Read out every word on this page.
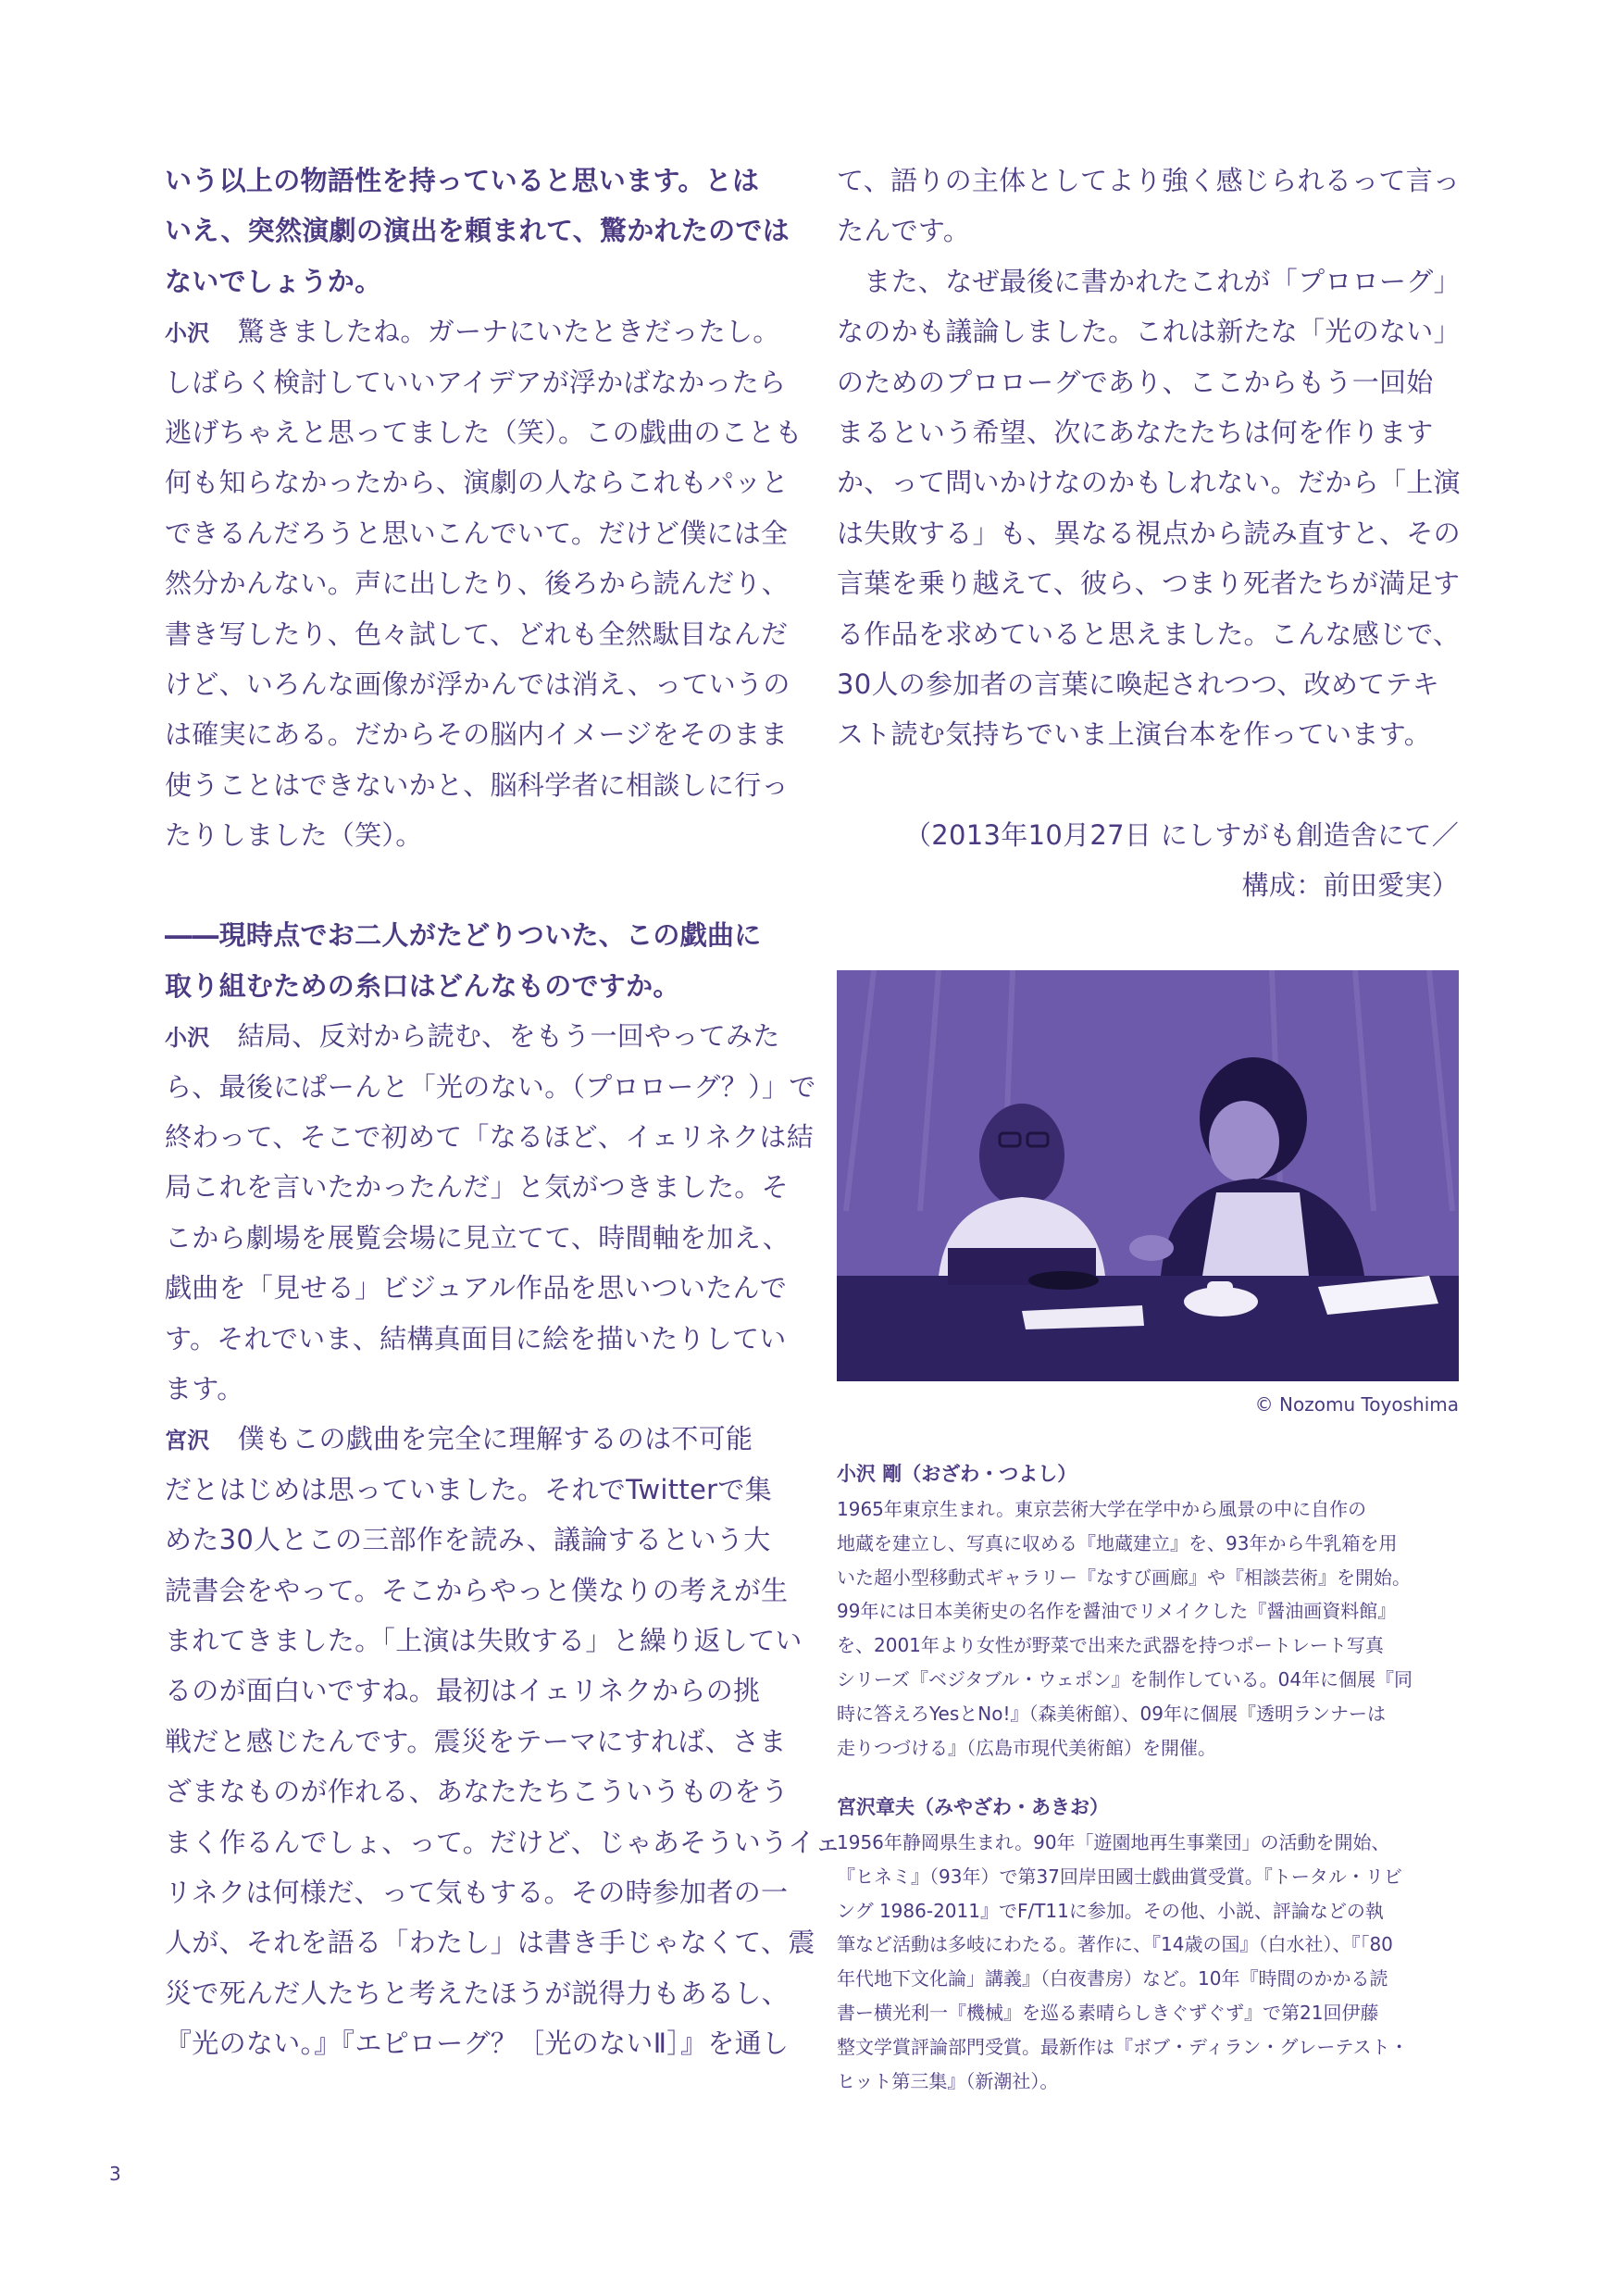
いう以上の物語性を持っていると思います。とは
いえ、突然演劇の演出を頼まれて、驚かれたのでは
ないでしょうか。
小沢 驚きましたね。ガーナにいたときだったし。
しばらく検討していいアイデアが浮かばなかったら
逃げちゃえと思ってました（笑）。この戯曲のことも
何も知らなかったから、演劇の人ならこれもパッと
できるんだろうと思いこんでいて。だけど僕には全
然分かんない。声に出したり、後ろから読んだり、
書き写したり、色々試して、どれも全然駄目なんだ
けど、いろんな画像が浮かんでは消え、っていうの
は確実にある。だからその脳内イメージをそのまま
使うことはできないかと、脳科学者に相談しに行っ
たりしました（笑）。
――現時点でお二人がたどりついた、この戯曲に
取り組むための糸口はどんなものですか。
小沢 結局、反対から読む、をもう一回やってみた
ら、最後にぱーんと「光のない。（プロローグ？）」で
終わって、そこで初めて「なるほど、イェリネクは結
局これを言いたかったんだ」と気がつきました。そ
こから劇場を展覧会場に見立てて、時間軸を加え、
戯曲を「見せる」ビジュアル作品を思いついたんで
す。それでいま、結構真面目に絵を描いたりしてい
ます。
宮沢 僕もこの戯曲を完全に理解するのは不可能
だとはじめは思っていました。それでTwitterで集
めた30人とこの三部作を読み、議論するという大
読書会をやって。そこからやっと僕なりの考えが生
まれてきました。「上演は失敗する」と繰り返してい
るのが面白いですね。最初はイェリネクからの挑
戦だと感じたんです。震災をテーマにすれば、さま
ざまなものが作れる、あなたたちこういうものをう
まく作るんでしょ、って。だけど、じゃあそういうイェ
リネクは何様だ、って気もする。その時参加者の一
人が、それを語る「わたし」は書き手じゃなくて、震
災で死んだ人たちと考えたほうが説得力もあるし、
『光のない。』『エピローグ？［光のないⅡ］』を通し
て、語りの主体としてより強く感じられるって言っ
たんです。
　また、なぜ最後に書かれたこれが「プロローグ」
なのかも議論しました。これは新たな「光のない」
のためのプロローグであり、ここからもう一回始
まるという希望、次にあなたたちは何を作ります
か、って問いかけなのかもしれない。だから「上演
は失敗する」も、異なる視点から読み直すと、その
言葉を乗り越えて、彼ら、つまり死者たちが満足す
る作品を求めていると思えました。こんな感じで、
30人の参加者の言葉に喚起されつつ、改めてテキ
スト読む気持ちでいま上演台本を作っています。
（2013年10月27日 にしすがも創造舎にて／
構成：前田愛実）
9
© Nozomu Toyoshima
小沢 剛（おざわ・つよし）
1965年東京生まれ。東京芸術大学在学中から風景の中に自作の
地蔵を建立し、写真に収める『地蔵建立』を、93年から牛乳箱を用
いた超小型移動式ギャラリー『なすび画廊』や『相談芸術』を開始。
99年には日本美術史の名作を醤油でリメイクした『醤油画資料館』
を、2001年より女性が野菜で出来た武器を持つポートレート写真
シリーズ『ベジタブル・ウェポン』を制作している。04年に個展『同
時に答えろYesとNo!』（森美術館）、09年に個展『透明ランナーは
走りつづける』（広島市現代美術館）を開催。
宮沢章夫（みやざわ・あきお）
1956年静岡県生まれ。90年「遊園地再生事業団」の活動を開始、
『ヒネミ』（93年）で第37回岸田國士戯曲賞受賞。『トータル・リビ
ング 1986-2011』でF/T11に参加。その他、小説、評論などの執
筆など活動は多岐にわたる。著作に、『14歳の国』（白水社）、『「80
年代地下文化論」講義』（白夜書房）など。10年『時間のかかる読
書ー横光利一『機械』を巡る素晴らしきぐずぐず』で第21回伊藤
整文学賞評論部門受賞。最新作は『ボブ・ディラン・グレーテスト・
ヒット第三集』（新潮社）。
3
